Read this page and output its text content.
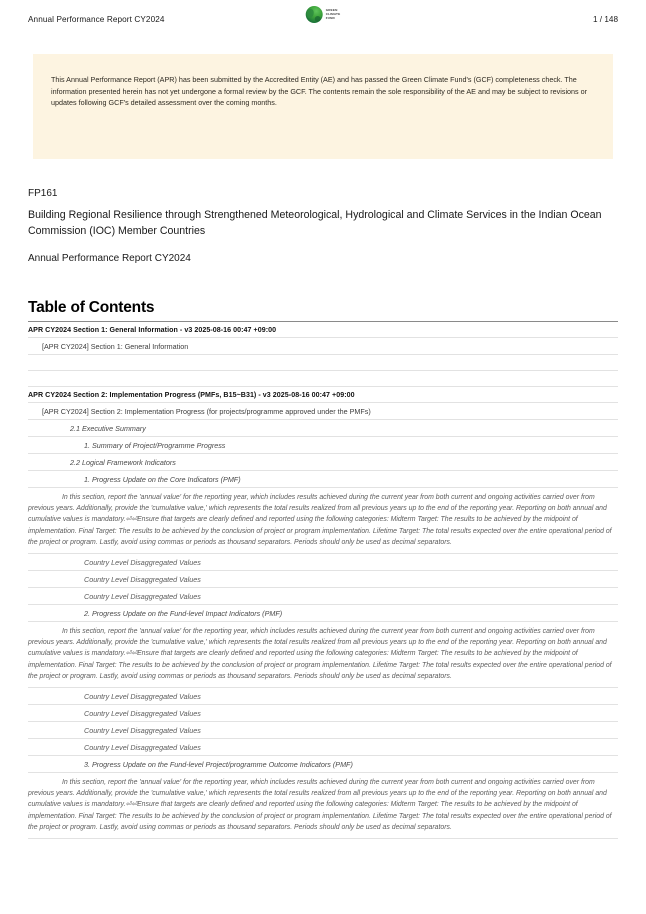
Annual Performance Report CY2024
GREEN
CLIMATE
FUND	1 / 148

This Annual Performance Report (APR) has been submitted by the Accredited Entity (AE) and has passed the Green Climate Fund's (GCF) completeness check. The information presented herein has not yet undergone a formal review by the GCF. The contents remain the sole responsibility of the AE and may be subject to revisions or updates following GCF's detailed assessment over the coming months.

FP161
Building Regional Resilience through Strengthened Meteorological, Hydrological and Climate Services in the Indian Ocean Commission (IOC) Member Countries
Annual Performance Report CY2024
Table of Contents
APR CY2024 Section 1: General Information - v3 2025-08-16 00:47 +09:00
[APR CY2024] Section 1: General Information
APR CY2024 Section 2: Implementation Progress (PMFs, B15~B31) - v3 2025-08-16 00:47 +09:00
[APR CY2024] Section 2: Implementation Progress (for projects/programme approved under the PMFs)
2.1 Executive Summary
1. Summary of Project/Programme Progress
2.2 Logical Framework Indicators
1. Progress Update on the Core Indicators (PMF)

In this section, report the 'annual value' for the reporting year, which includes results achieved during the current year from both current and ongoing activities carried over from previous years. Additionally, provide the 'cumulative value,' which represents the total results realized from all previous years up to the end of the reporting year. Reporting on both annual and cumulative values is mandatory.⏎⏎Ensure that targets are clearly defined and reported using the following categories: Midterm Target: The results to be achieved by the midpoint of implementation. Final Target: The results to be achieved by the conclusion of project or program implementation. Lifetime Target: The total results expected over the entire operational period of the project or program. Lastly, avoid using commas or periods as thousand separators. Periods should only be used as decimal separators.

Country Level Disaggregated Values
Country Level Disaggregated Values
Country Level Disaggregated Values
2. Progress Update on the Fund-level Impact Indicators (PMF)

In this section, report the 'annual value' for the reporting year, which includes results achieved during the current year from both current and ongoing activities carried over from previous years. Additionally, provide the 'cumulative value,' which represents the total results realized from all previous years up to the end of the reporting year. Reporting on both annual and cumulative values is mandatory.⏎⏎Ensure that targets are clearly defined and reported using the following categories: Midterm Target: The results to be achieved by the midpoint of implementation. Final Target: The results to be achieved by the conclusion of project or program implementation. Lifetime Target: The total results expected over the entire operational period of the project or program. Lastly, avoid using commas or periods as thousand separators. Periods should only be used as decimal separators.

Country Level Disaggregated Values
Country Level Disaggregated Values
Country Level Disaggregated Values
Country Level Disaggregated Values
3. Progress Update on the Fund-level Project/programme Outcome Indicators (PMF)

In this section, report the 'annual value' for the reporting year, which includes results achieved during the current year from both current and ongoing activities carried over from previous years. Additionally, provide the 'cumulative value,' which represents the total results realized from all previous years up to the end of the reporting year. Reporting on both annual and cumulative values is mandatory.⏎⏎Ensure that targets are clearly defined and reported using the following categories: Midterm Target: The results to be achieved by the midpoint of implementation. Final Target: The results to be achieved by the conclusion of project or program implementation. Lifetime Target: The total results expected over the entire operational period of the project or program. Lastly, avoid using commas or periods as thousand separators. Periods should only be used as decimal separators.
